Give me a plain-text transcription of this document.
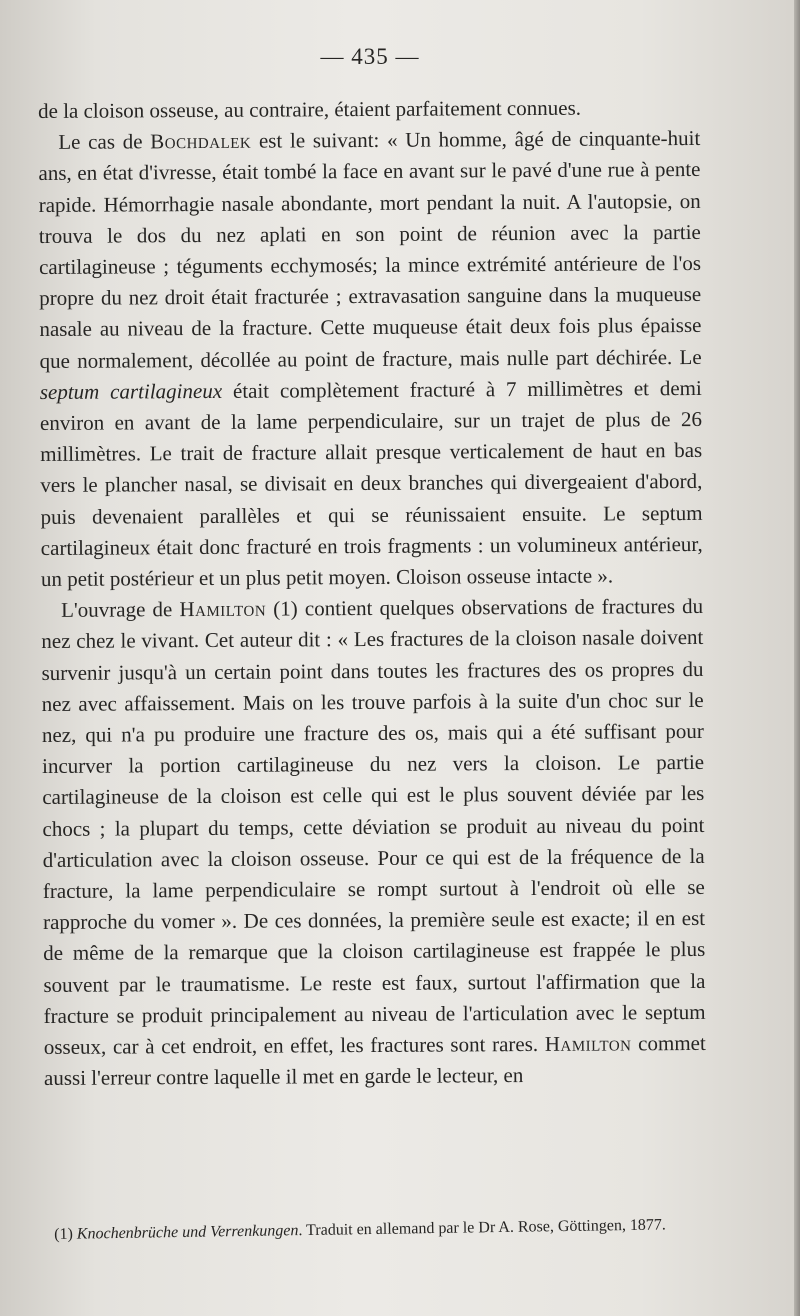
— 435 —

de la cloison osseuse, au contraire, étaient parfaitement connues.

Le cas de Bochdalek est le suivant: « Un homme, âgé de cinquante-huit ans, en état d'ivresse, était tombé la face en avant sur le pavé d'une rue à pente rapide. Hémorrhagie nasale abondante, mort pendant la nuit. A l'autopsie, on trouva le dos du nez aplati en son point de réunion avec la partie cartilagineuse ; téguments ecchymosés; la mince extrémité antérieure de l'os propre du nez droit était fracturée ; extravasation sanguine dans la muqueuse nasale au niveau de la fracture. Cette muqueuse était deux fois plus épaisse que normalement, décollée au point de fracture, mais nulle part déchirée. Le septum cartilagineux était complètement fracturé à 7 millimètres et demi environ en avant de la lame perpendiculaire, sur un trajet de plus de 26 millimètres. Le trait de fracture allait presque verticalement de haut en bas vers le plancher nasal, se divisait en deux branches qui divergeaient d'abord, puis devenaient parallèles et qui se réunissaient ensuite. Le septum cartilagineux était donc fracturé en trois fragments : un volumineux antérieur, un petit postérieur et un plus petit moyen. Cloison osseuse intacte ».

L'ouvrage de Hamilton (1) contient quelques observations de fractures du nez chez le vivant. Cet auteur dit : « Les fractures de la cloison nasale doivent survenir jusqu'à un certain point dans toutes les fractures des os propres du nez avec affaissement. Mais on les trouve parfois à la suite d'un choc sur le nez, qui n'a pu produire une fracture des os, mais qui a été suffisant pour incurver la portion cartilagineuse du nez vers la cloison. Le partie cartilagineuse de la cloison est celle qui est le plus souvent déviée par les chocs ; la plupart du temps, cette déviation se produit au niveau du point d'articulation avec la cloison osseuse. Pour ce qui est de la fréquence de la fracture, la lame perpendiculaire se rompt surtout à l'endroit où elle se rapproche du vomer ». De ces données, la première seule est exacte; il en est de même de la remarque que la cloison cartilagineuse est frappée le plus souvent par le traumatisme. Le reste est faux, surtout l'affirmation que la fracture se produit principalement au niveau de l'articulation avec le septum osseux, car à cet endroit, en effet, les fractures sont rares. Hamilton commet aussi l'erreur contre laquelle il met en garde le lecteur, en

(1) Knochenbrüche und Verrenkungen. Traduit en allemand par le Dr A. Rose, Göttingen, 1877.
